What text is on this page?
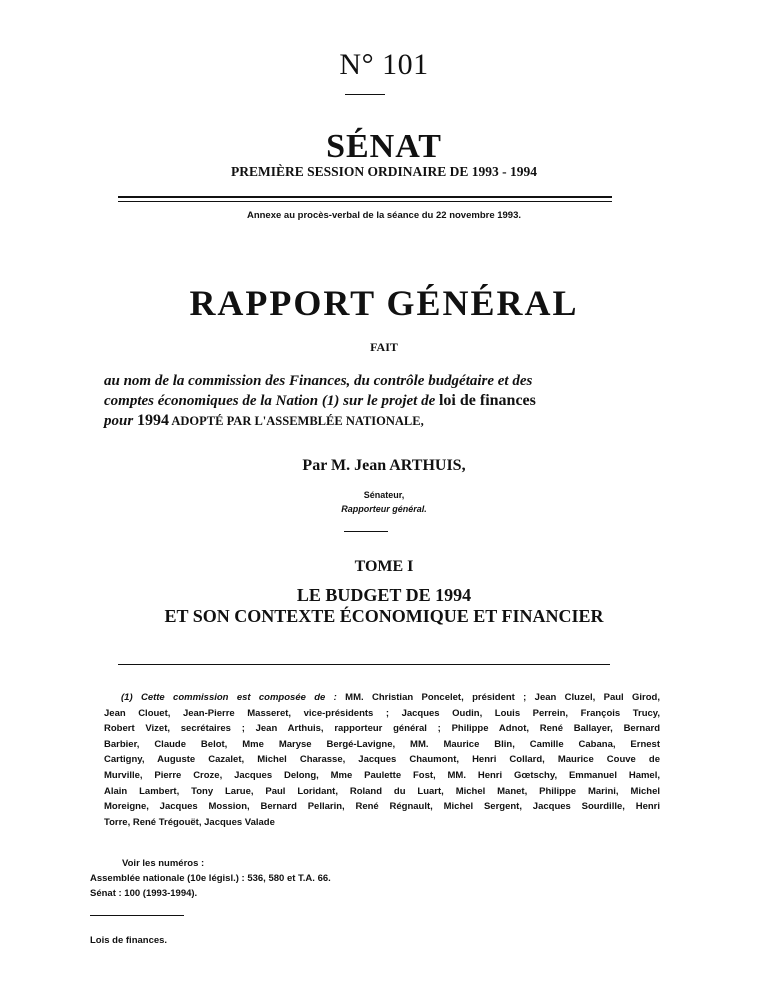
N° 101
SÉNAT
PREMIÈRE SESSION ORDINAIRE DE 1993 - 1994
Annexe au procès-verbal de la séance du 22 novembre 1993.
RAPPORT GÉNÉRAL
FAIT
au nom de la commission des Finances, du contrôle budgétaire et des
comptes économiques de la Nation (1) sur le projet de loi de finances
pour 1994 ADOPTÉ PAR L'ASSEMBLÉE NATIONALE,
Par M. Jean ARTHUIS,
Sénateur,
Rapporteur général.
TOME I
LE BUDGET DE 1994
ET SON CONTEXTE ÉCONOMIQUE ET FINANCIER
(1) Cette commission est composée de : MM. Christian Poncelet, président ; Jean Cluzel, Paul Girod,
Jean Clouet, Jean-Pierre Masseret, vice-présidents ; Jacques Oudin, Louis Perrein, François Trucy,
Robert Vizet, secrétaires ; Jean Arthuis, rapporteur général ; Philippe Adnot, René Ballayer, Bernard
Barbier, Claude Belot, Mme Maryse Bergé-Lavigne, MM. Maurice Blin, Camille Cabana, Ernest
Cartigny, Auguste Cazalet, Michel Charasse, Jacques Chaumont, Henri Collard, Maurice Couve de
Murville, Pierre Croze, Jacques Delong, Mme Paulette Fost, MM. Henri Gœtschy, Emmanuel Hamel,
Alain Lambert, Tony Larue, Paul Loridant, Roland du Luart, Michel Manet, Philippe Marini, Michel
Moreigne, Jacques Mossion, Bernard Pellarin, René Régnault, Michel Sergent, Jacques Sourdille, Henri
Torre, René Trégouët, Jacques Valade
Voir les numéros :
Assemblée nationale (10e législ.) : 536, 580 et T.A. 66.
Sénat : 100 (1993-1994).
Lois de finances.
